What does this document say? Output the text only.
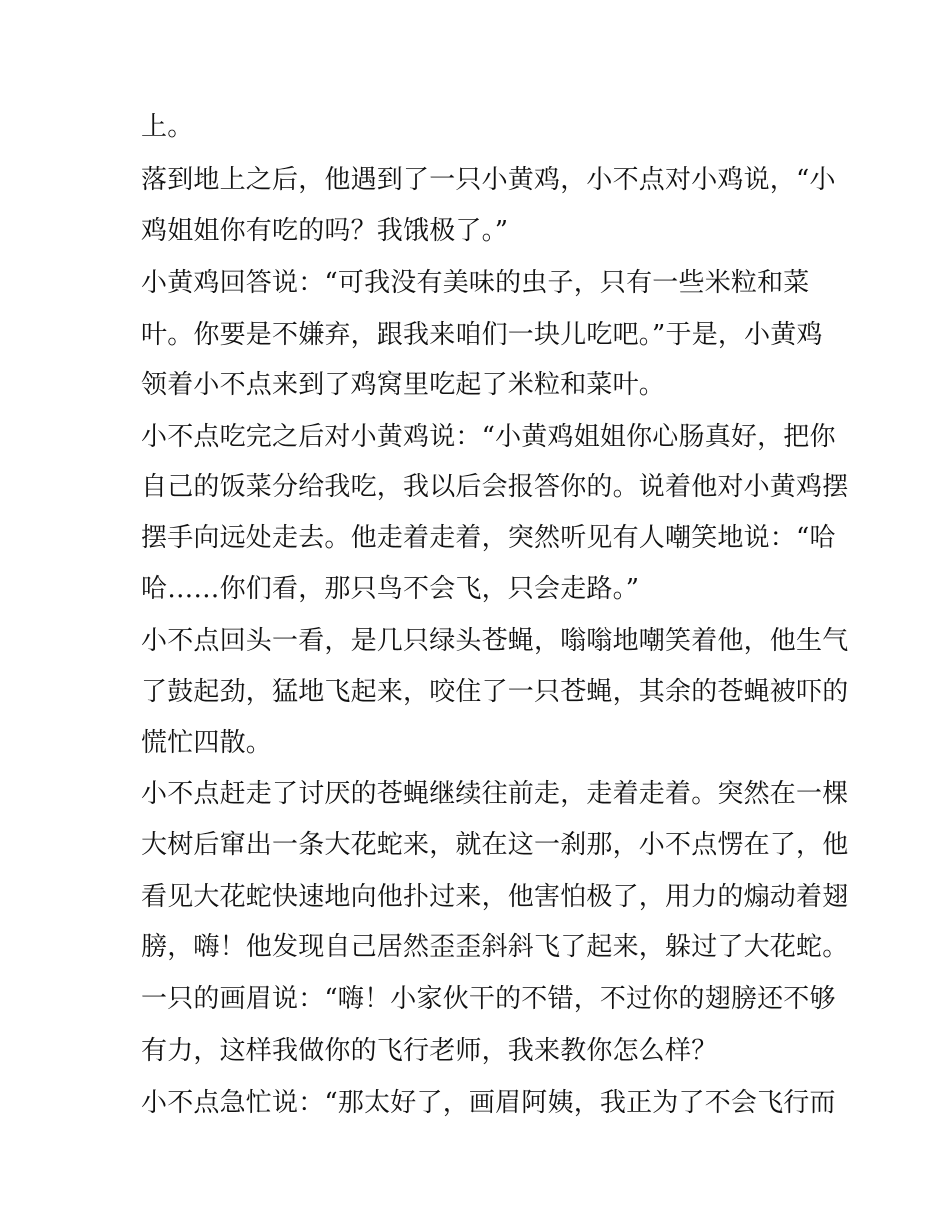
上。
落到地上之后，他遇到了一只小黄鸡，小不点对小鸡说，“小
鸡姐姐你有吃的吗？我饿极了。”
小黄鸡回答说：“可我没有美味的虫子，只有一些米粒和菜
叶。你要是不嫌弃，跟我来咱们一块儿吃吧。”于是，小黄鸡
领着小不点来到了鸡窝里吃起了米粒和菜叶。
小不点吃完之后对小黄鸡说：“小黄鸡姐姐你心肠真好，把你
自己的饭菜分给我吃，我以后会报答你的。说着他对小黄鸡摆
摆手向远处走去。他走着走着，突然听见有人嘲笑地说：“哈
哈……你们看，那只鸟不会飞，只会走路。”
小不点回头一看，是几只绿头苍蝇，嗡嗡地嘲笑着他，他生气
了鼓起劲，猛地飞起来，咬住了一只苍蝇，其余的苍蝇被吓的
慌忙四散。
小不点赶走了讨厌的苍蝇继续往前走，走着走着。突然在一棵
大树后窜出一条大花蛇来，就在这一刹那，小不点愣在了，他
看见大花蛇快速地向他扑过来，他害怕极了，用力的煽动着翅
膀，嗨！他发现自己居然歪歪斜斜飞了起来，躲过了大花蛇。
一只的画眉说：“嗨！小家伙干的不错，不过你的翅膀还不够
有力，这样我做你的飞行老师，我来教你怎么样？
小不点急忙说：“那太好了，画眉阿姨，我正为了不会飞行而
